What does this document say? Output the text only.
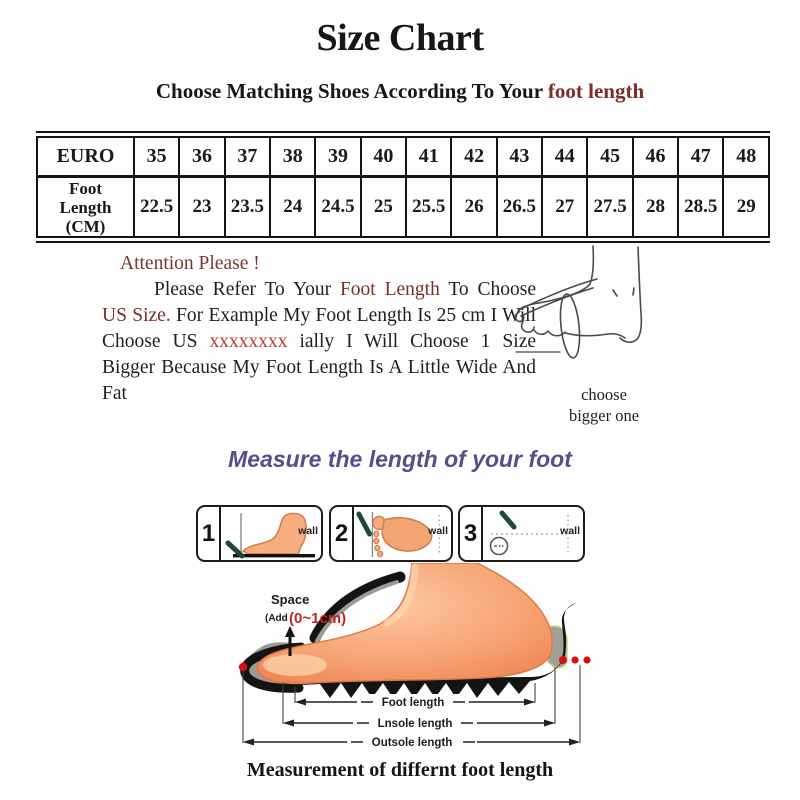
Size Chart
Choose Matching Shoes According To Your foot length
EURO	35	36	37	38	39	40	41	42	43	44	45	46	47	48

Foot
Length
(CM)	22.5	23	23.5	24	24.5	25	25.5	26	26.5	27	27.5	28	28.5	29
Attention Please !

Please Refer To Your Foot Length To Choose US Size. For Example My Foot Length Is 25 cm I Will Choose US xxxxxxxx ially I Will Choose 1 Size Bigger Because My Foot Length Is A Little Wide And Fat	choose
bigger one
Measure the length of your foot
1	wall 2	wall 3	wall
Space
(Add (0~1cm)
Foot length
Lnsole length
Outsole length
Measurement of differnt foot length
